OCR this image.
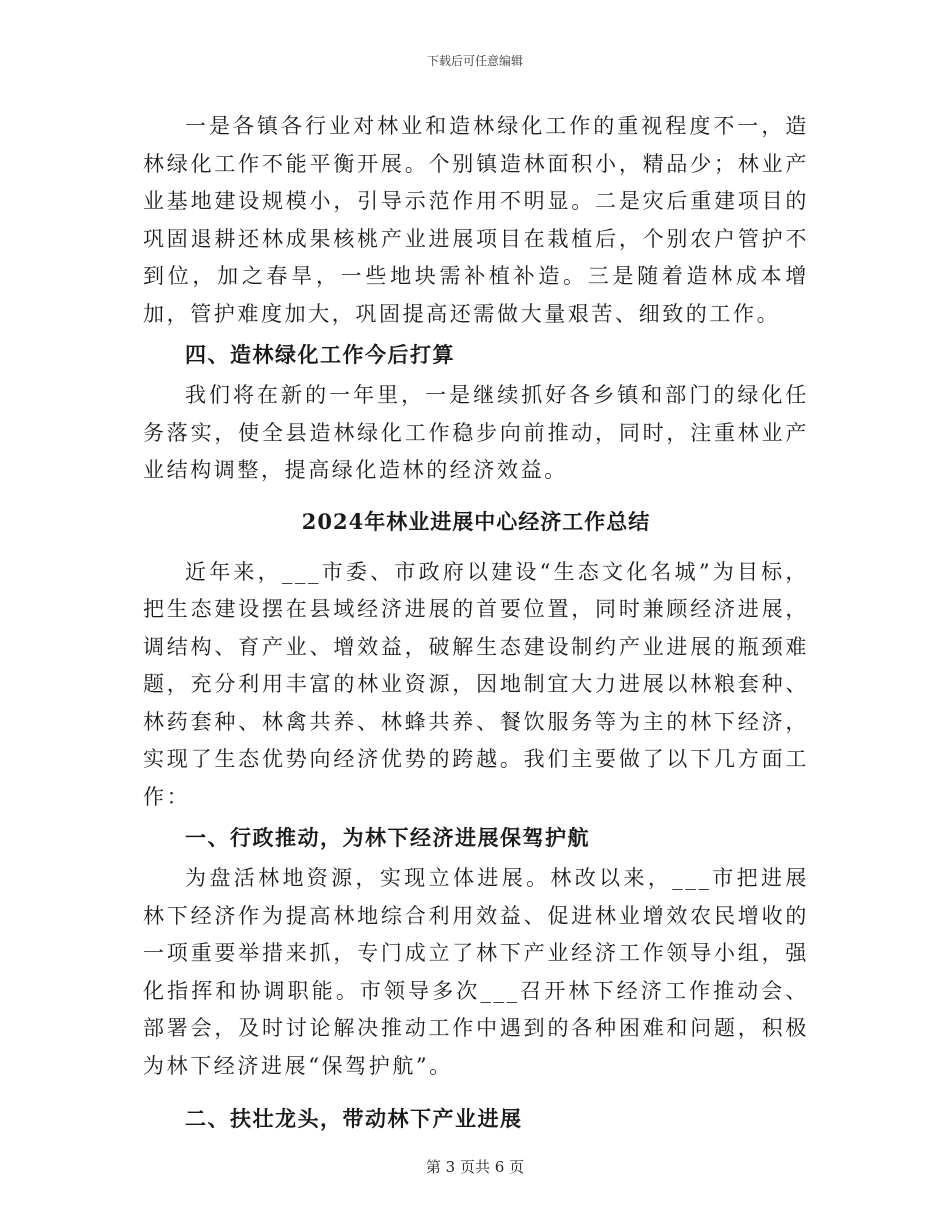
下载后可任意编辑

一是各镇各行业对林业和造林绿化工作的重视程度不一，造林绿化工作不能平衡开展。个别镇造林面积小，精品少；林业产业基地建设规模小，引导示范作用不明显。二是灾后重建项目的巩固退耕还林成果核桃产业进展项目在栽植后，个别农户管护不到位，加之春旱，一些地块需补植补造。三是随着造林成本增加，管护难度加大，巩固提高还需做大量艰苦、细致的工作。

四、造林绿化工作今后打算

我们将在新的一年里，一是继续抓好各乡镇和部门的绿化任务落实，使全县造林绿化工作稳步向前推动，同时，注重林业产业结构调整，提高绿化造林的经济效益。

2024年林业进展中心经济工作总结

近年来，___市委、市政府以建设“生态文化名城”为目标，把生态建设摆在县域经济进展的首要位置，同时兼顾经济进展，调结构、育产业、增效益，破解生态建设制约产业进展的瓶颈难题，充分利用丰富的林业资源，因地制宜大力进展以林粮套种、林药套种、林禽共养、林蜂共养、餐饮服务等为主的林下经济，实现了生态优势向经济优势的跨越。我们主要做了以下几方面工作：

一、行政推动，为林下经济进展保驾护航

为盘活林地资源，实现立体进展。林改以来，___市把进展林下经济作为提高林地综合利用效益、促进林业增效农民增收的一项重要举措来抓，专门成立了林下产业经济工作领导小组，强化指挥和协调职能。市领导多次___召开林下经济工作推动会、部署会，及时讨论解决推动工作中遇到的各种困难和问题，积极为林下经济进展“保驾护航”。

二、扶壮龙头，带动林下产业进展

第 3 页共 6 页
